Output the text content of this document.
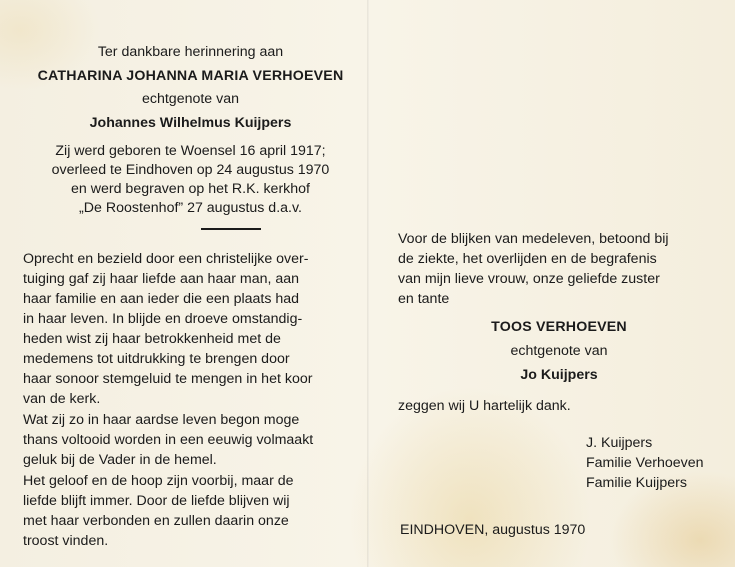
Ter dankbare herinnering aan

CATHARINA JOHANNA MARIA VERHOEVEN

echtgenote van

Johannes Wilhelmus Kuijpers

Zij werd geboren te Woensel 16 april 1917;

overleed te Eindhoven op 24 augustus 1970

en werd begraven op het R.K. kerkhof

„De Roostenhof” 27 augustus d.a.v.

Oprecht en bezield door een christelijke over-

tuiging gaf zij haar liefde aan haar man, aan

haar familie en aan ieder die een plaats had

in haar leven. In blijde en droeve omstandig-

heden wist zij haar betrokkenheid met de

medemens tot uitdrukking te brengen door

haar sonoor stemgeluid te mengen in het koor

van de kerk.

Wat zij zo in haar aardse leven begon moge

thans voltooid worden in een eeuwig volmaakt

geluk bij de Vader in de hemel.

Het geloof en de hoop zijn voorbij, maar de

liefde blijft immer. Door de liefde blijven wij

met haar verbonden en zullen daarin onze

troost vinden.

Voor de blijken van medeleven, betoond bij

de ziekte, het overlijden en de begrafenis

van mijn lieve vrouw, onze geliefde zuster

en tante

TOOS VERHOEVEN

echtgenote van

Jo Kuijpers

zeggen wij U hartelijk dank.

J. Kuijpers

Familie Verhoeven

Familie Kuijpers

EINDHOVEN, augustus 1970
